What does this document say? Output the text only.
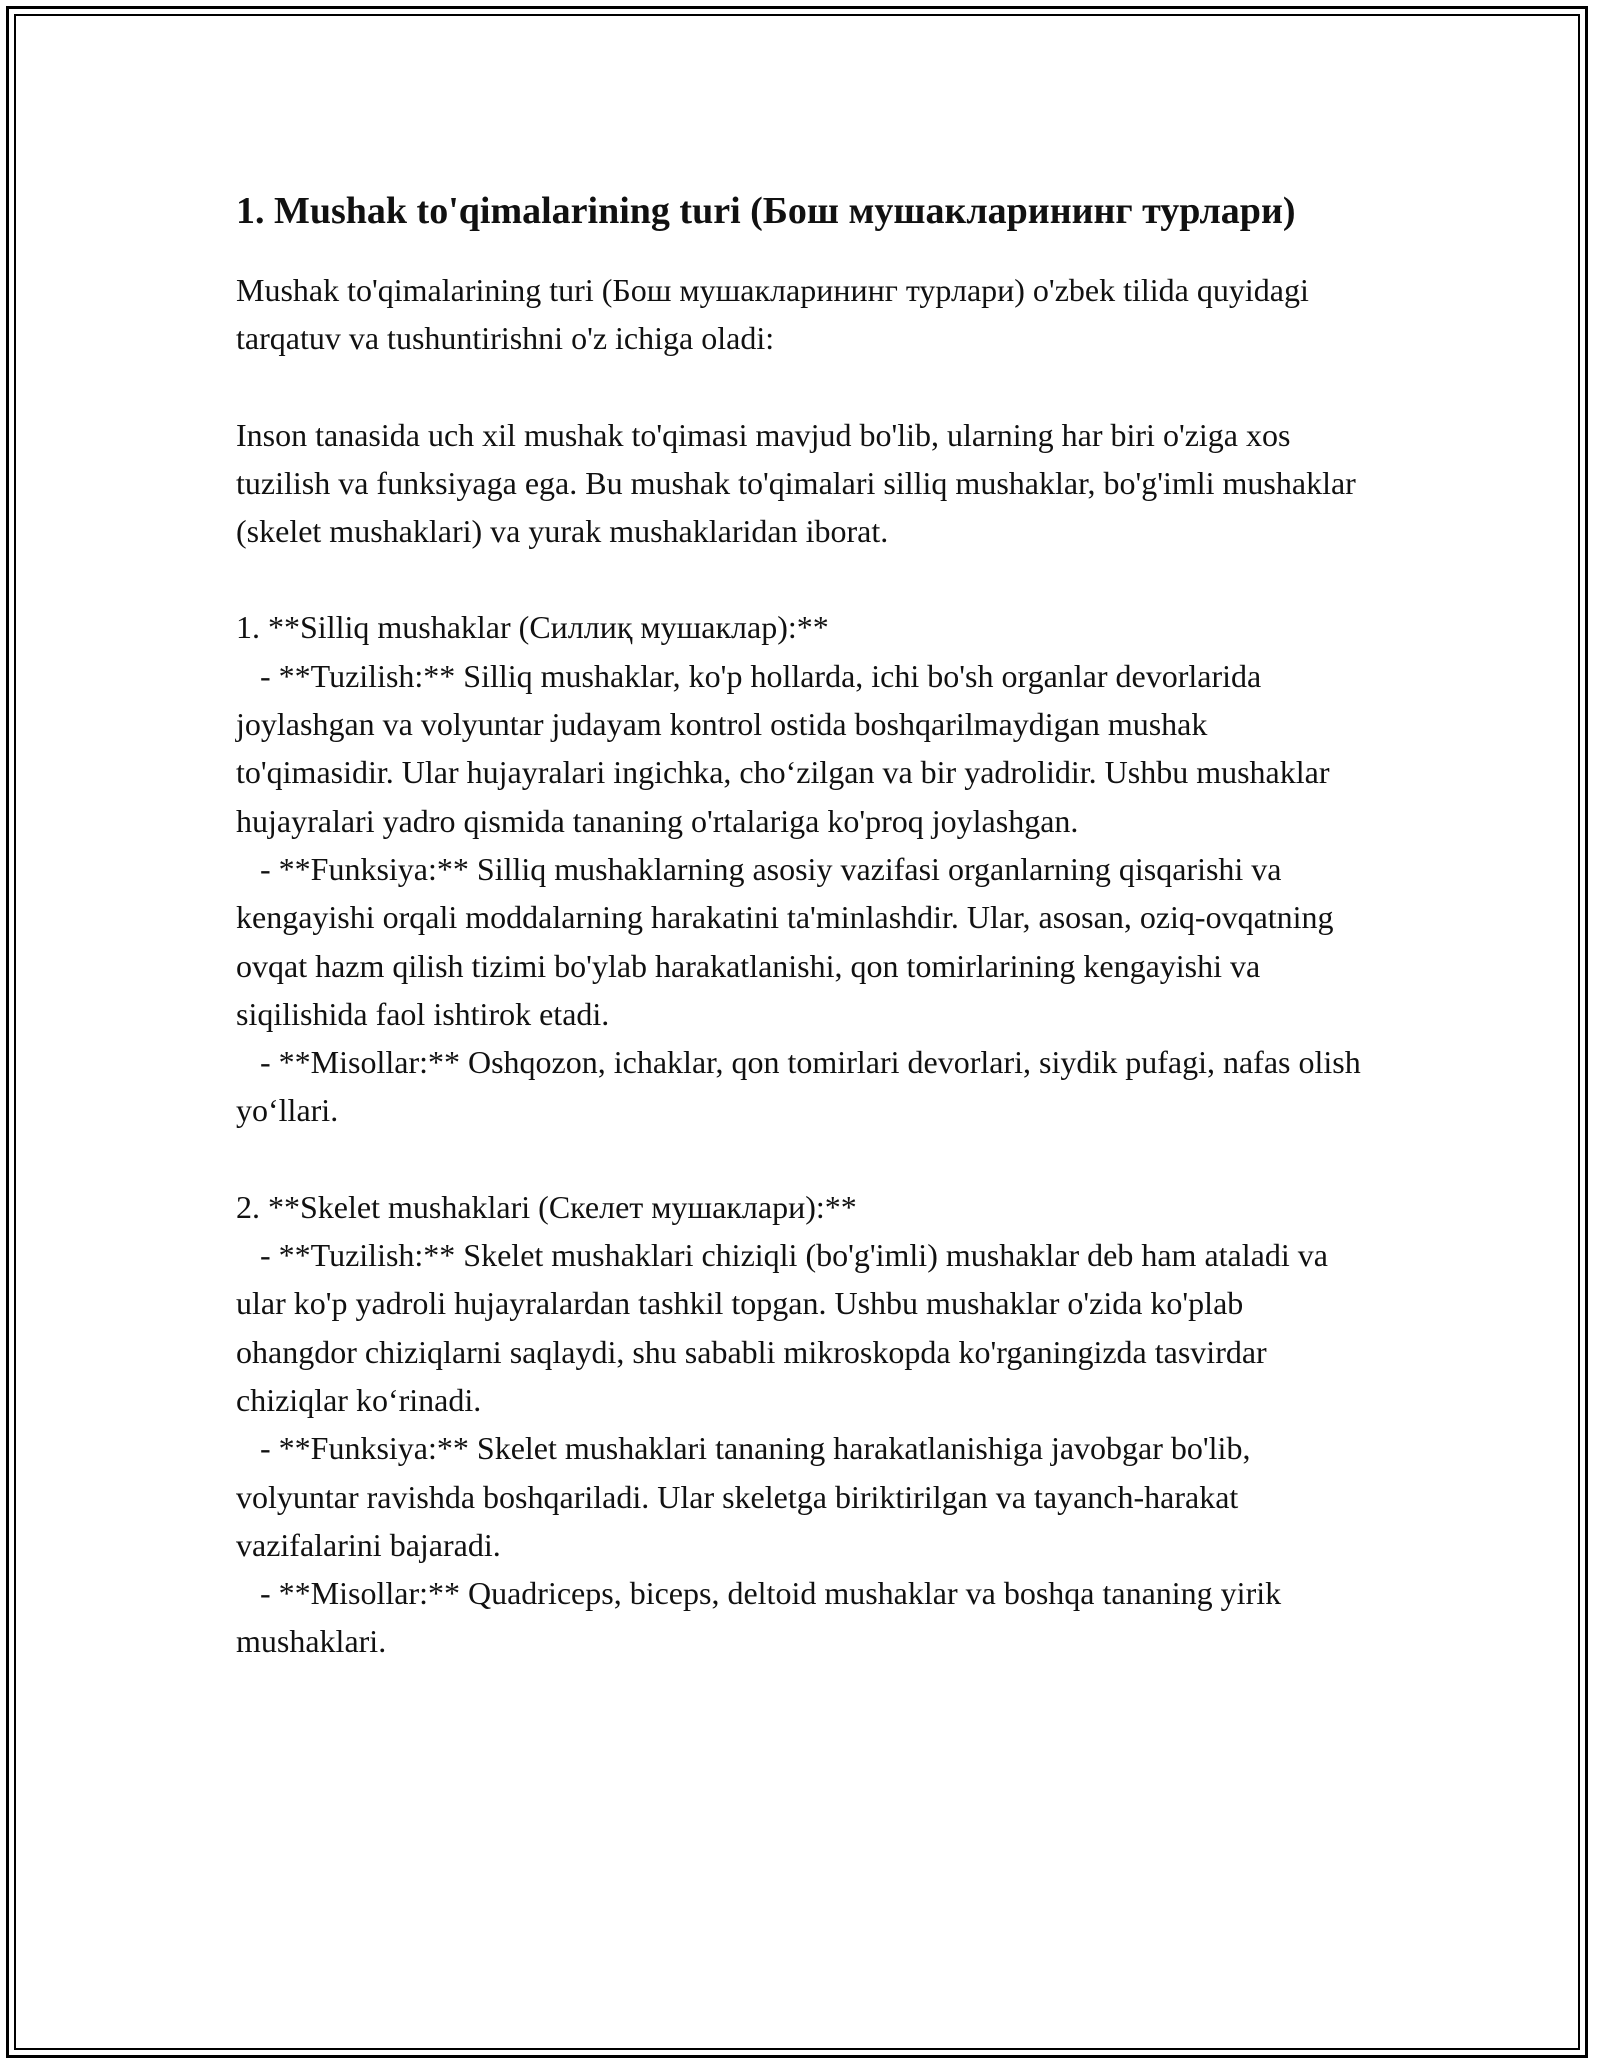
1. Mushak to'qimalarining turi (Бош мушакларининг турлари)

Mushak to'qimalarining turi (Бош мушакларининг турлари) o'zbek tilida quyidagi tarqatuv va tushuntirishni o'z ichiga oladi:

Inson tanasida uch xil mushak to'qimasi mavjud bo'lib, ularning har biri o'ziga xos tuzilish va funksiyaga ega. Bu mushak to'qimalari silliq mushaklar, bo'g'imli mushaklar (skelet mushaklari) va yurak mushaklaridan iborat.

1. **Silliq mushaklar (Силлиқ мушаклар):**

- **Tuzilish:** Silliq mushaklar, ko'p hollarda, ichi bo'sh organlar devorlarida joylashgan va volyuntar judayam kontrol ostida boshqarilmaydigan mushak to'qimasidir. Ular hujayralari ingichka, cho‘zilgan va bir yadrolidir. Ushbu mushaklar hujayralari yadro qismida tananing o'rtalariga ko'proq joylashgan.

- **Funksiya:** Silliq mushaklarning asosiy vazifasi organlarning qisqarishi va kengayishi orqali moddalarning harakatini ta'minlashdir. Ular, asosan, oziq-ovqatning ovqat hazm qilish tizimi bo'ylab harakatlanishi, qon tomirlarining kengayishi va siqilishida faol ishtirok etadi.

- **Misollar:** Oshqozon, ichaklar, qon tomirlari devorlari, siydik pufagi, nafas olish yo‘llari.

2. **Skelet mushaklari (Скелет мушаклари):**

- **Tuzilish:** Skelet mushaklari chiziqli (bo'g'imli) mushaklar deb ham ataladi va ular ko'p yadroli hujayralardan tashkil topgan. Ushbu mushaklar o'zida ko'plab ohangdor chiziqlarni saqlaydi, shu sababli mikroskopda ko'rganingizda tasvirdar chiziqlar ko‘rinadi.

- **Funksiya:** Skelet mushaklari tananing harakatlanishiga javobgar bo'lib, volyuntar ravishda boshqariladi. Ular skeletga biriktirilgan va tayanch-harakat vazifalarini bajaradi.

- **Misollar:** Quadriceps, biceps, deltoid mushaklar va boshqa tananing yirik mushaklari.
